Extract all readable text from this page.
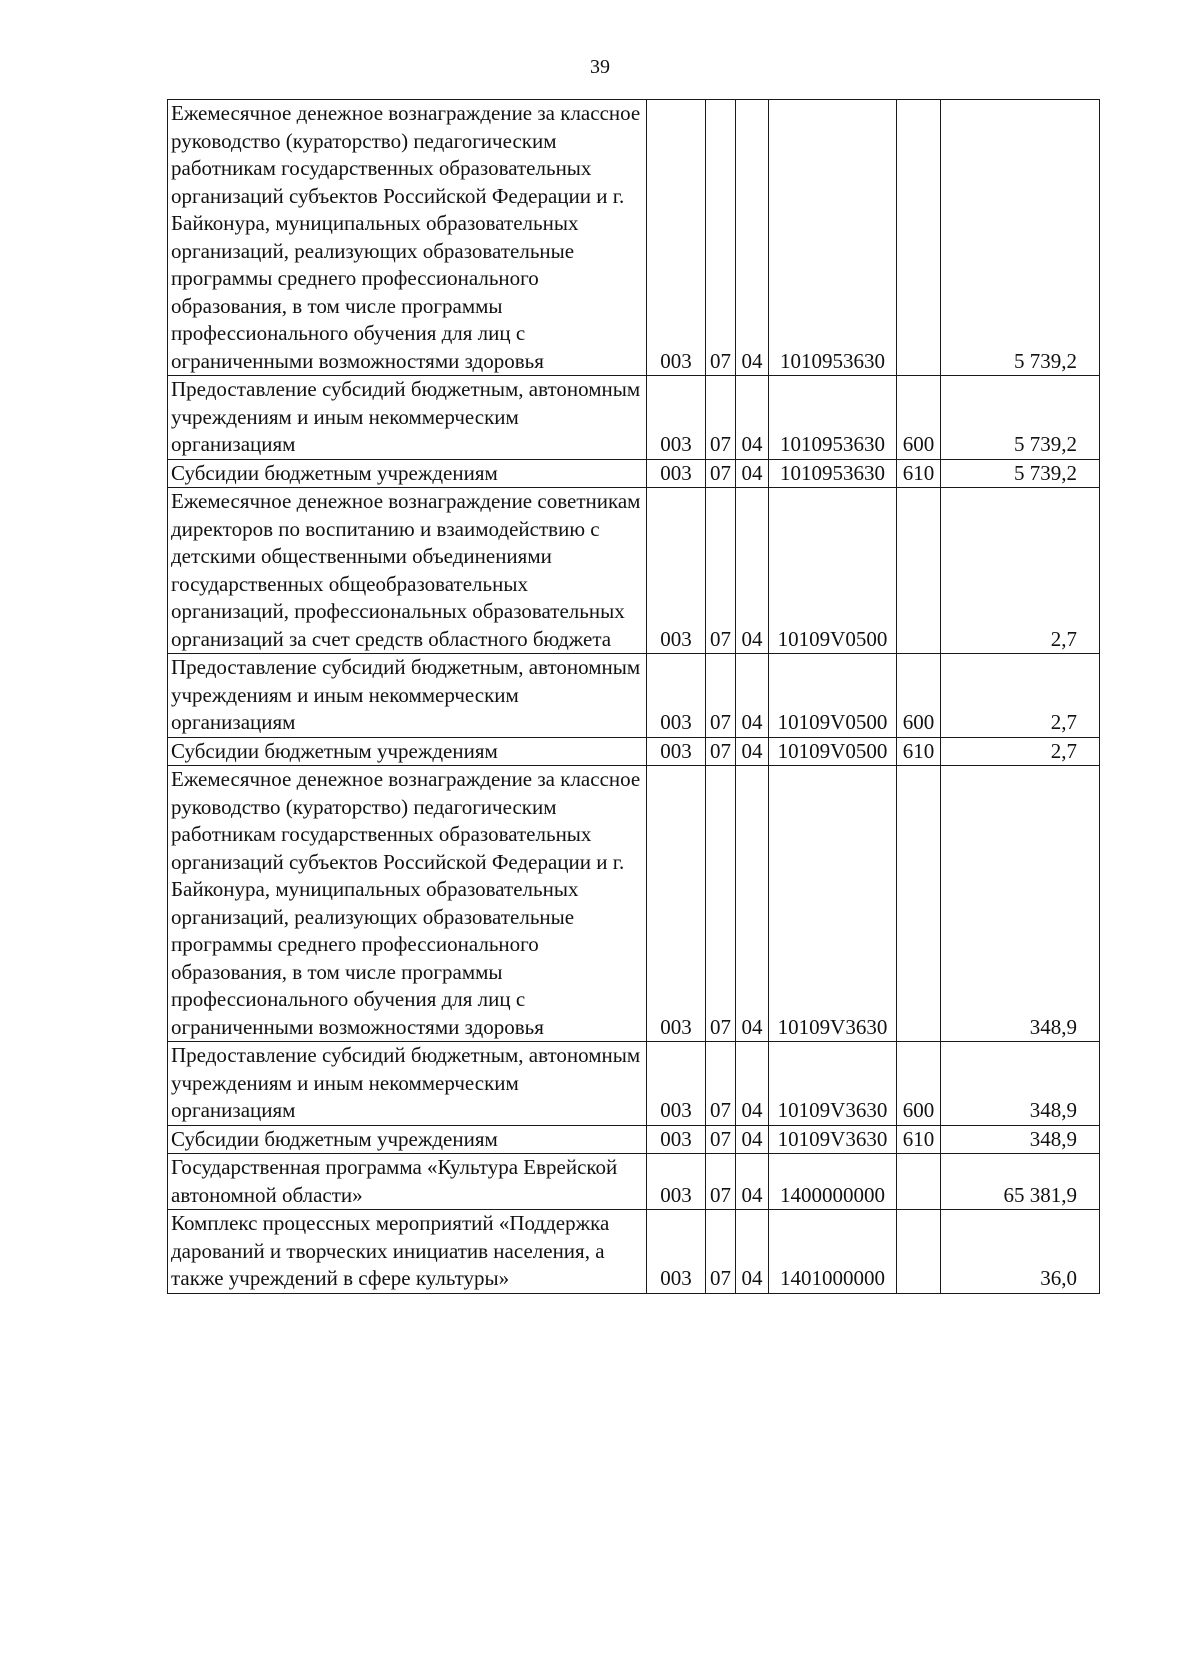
39
Ежемесячное денежное вознаграждение за классное руководство (кураторство) педагогическим работникам государственных образовательных организаций субъектов Российской Федерации и г. Байконура, муниципальных образовательных организаций, реализующих образовательные программы среднего профессионального образования, в том числе программы профессионального обучения для лиц с ограниченными возможностями здоровья	003	07	04	1010953630		5 739,2
Предоставление субсидий бюджетным, автономным учреждениям и иным некоммерческим организациям	003	07	04	1010953630	600	5 739,2
Субсидии бюджетным учреждениям	003	07	04	1010953630	610	5 739,2
Ежемесячное денежное вознаграждение советникам директоров по воспитанию и взаимодействию с детскими общественными объединениями государственных общеобразовательных организаций, профессиональных образовательных организаций за счет средств областного бюджета	003	07	04	10109V0500		2,7
Предоставление субсидий бюджетным, автономным учреждениям и иным некоммерческим организациям	003	07	04	10109V0500	600	2,7
Субсидии бюджетным учреждениям	003	07	04	10109V0500	610	2,7
Ежемесячное денежное вознаграждение за классное руководство (кураторство) педагогическим работникам государственных образовательных организаций субъектов Российской Федерации и г. Байконура, муниципальных образовательных организаций, реализующих образовательные программы среднего профессионального образования, в том числе программы профессионального обучения для лиц с ограниченными возможностями здоровья	003	07	04	10109V3630		348,9
Предоставление субсидий бюджетным, автономным учреждениям и иным некоммерческим организациям	003	07	04	10109V3630	600	348,9
Субсидии бюджетным учреждениям	003	07	04	10109V3630	610	348,9
Государственная программа «Культура Еврейской автономной области»	003	07	04	1400000000		65 381,9
Комплекс процессных мероприятий «Поддержка дарований и творческих инициатив населения, а также учреждений в сфере культуры»	003	07	04	1401000000		36,0
